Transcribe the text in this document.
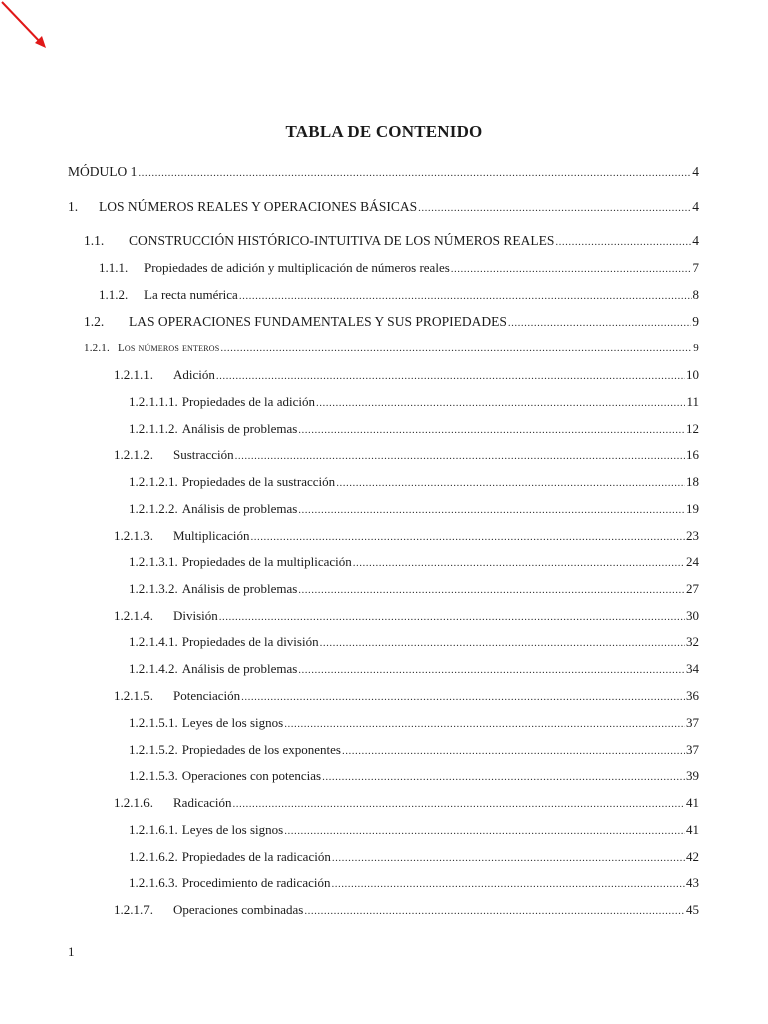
TABLA DE CONTENIDO
MÓDULO 1 .....	4
1.	LOS NÚMEROS REALES Y OPERACIONES BÁSICAS .....	4
1.1.	CONSTRUCCIÓN HISTÓRICO-INTUITIVA DE LOS NÚMEROS REALES .....	4
1.1.1.	Propiedades de adición y multiplicación de números reales .....	7
1.1.2.	La recta numérica .....	8
1.2.	LAS OPERACIONES FUNDAMENTALES Y SUS PROPIEDADES .....	9
1.2.1. Los números enteros .....	9
1.2.1.1.	Adición .....	10
1.2.1.1.1. Propiedades de la adición .....	11
1.2.1.1.2. Análisis de problemas .....	12
1.2.1.2.	Sustracción .....	16
1.2.1.2.1. Propiedades de la sustracción .....	18
1.2.1.2.2. Análisis de problemas .....	19
1.2.1.3.	Multiplicación .....	23
1.2.1.3.1. Propiedades de la multiplicación .....	24
1.2.1.3.2. Análisis de problemas .....	27
1.2.1.4.	División .....	30
1.2.1.4.1. Propiedades de la división .....	32
1.2.1.4.2. Análisis de problemas .....	34
1.2.1.5.	Potenciación .....	36
1.2.1.5.1. Leyes de los signos .....	37
1.2.1.5.2. Propiedades de los exponentes .....	37
1.2.1.5.3. Operaciones con potencias .....	39
1.2.1.6.	Radicación .....	41
1.2.1.6.1. Leyes de los signos .....	41
1.2.1.6.2. Propiedades de la radicación .....	42
1.2.1.6.3. Procedimiento de radicación .....	43
1.2.1.7.	Operaciones combinadas .....	45
1
